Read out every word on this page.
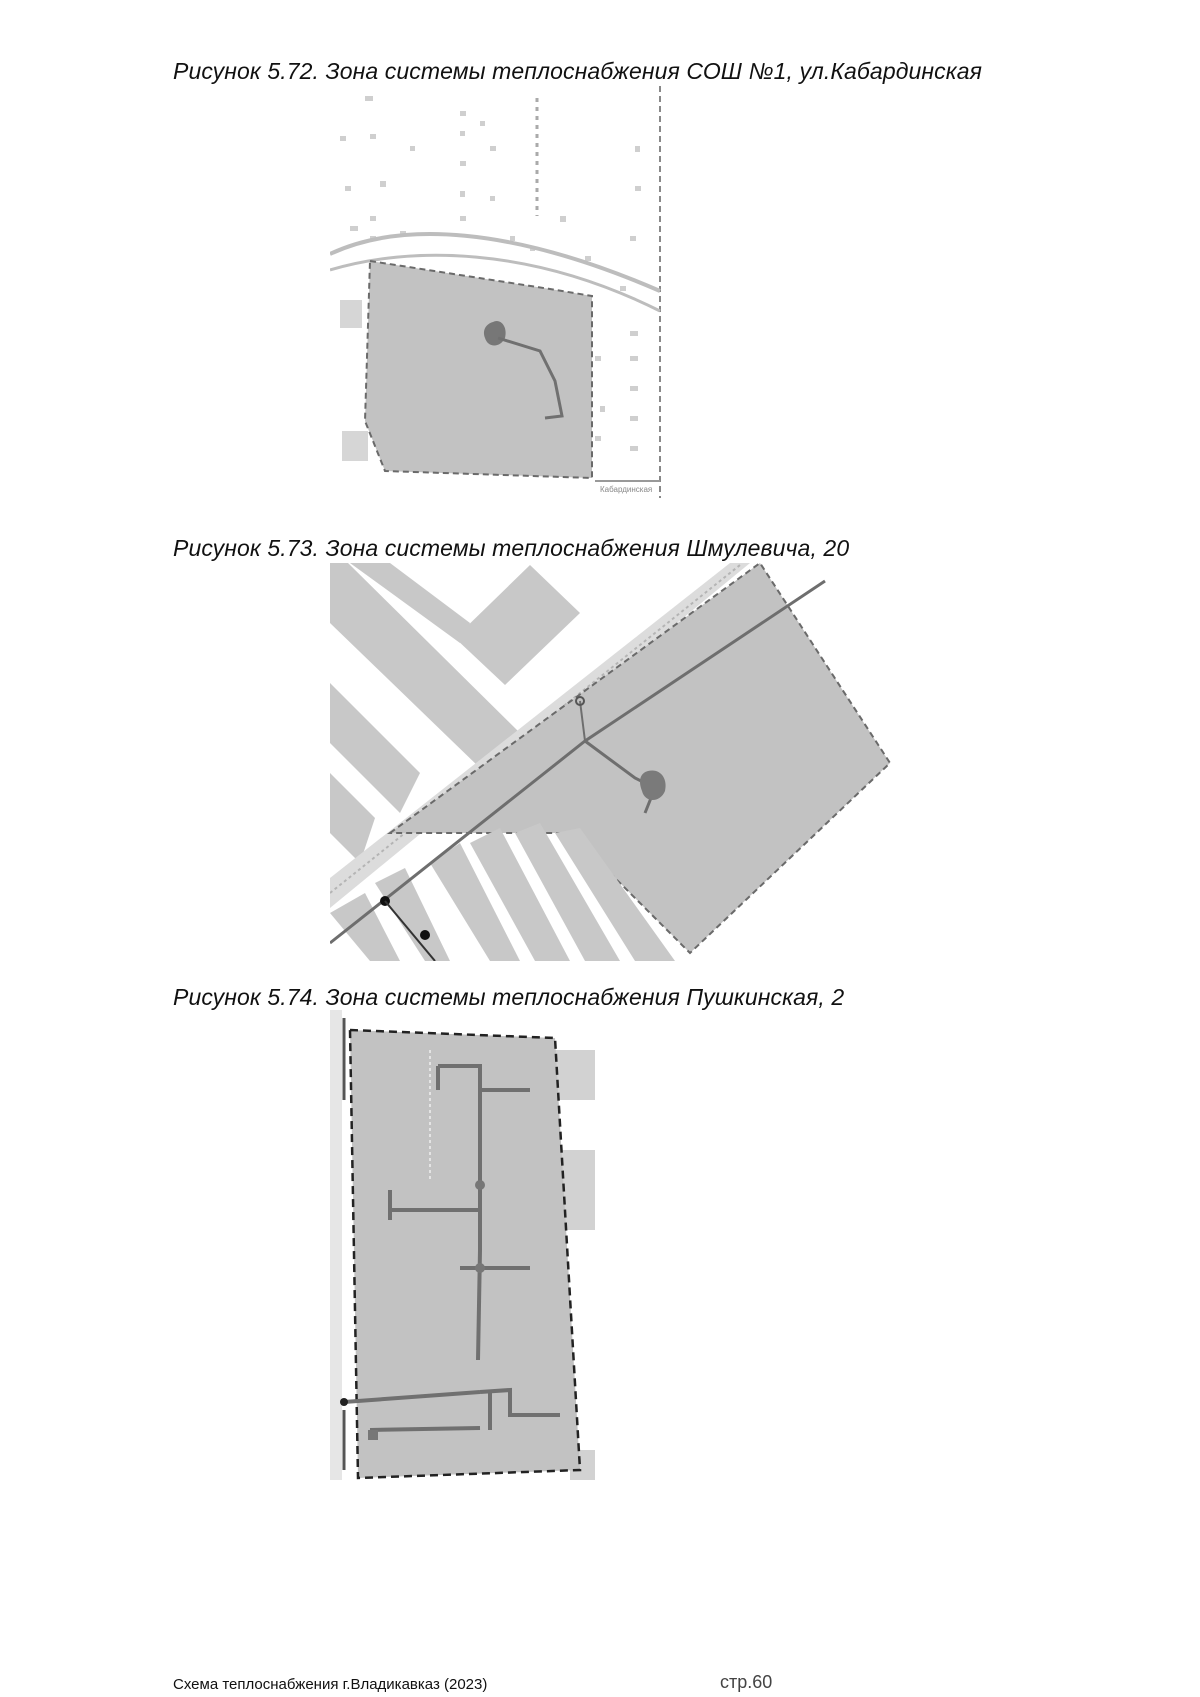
Рисунок 5.72. Зона системы теплоснабжения СОШ №1, ул.Кабардинская
Кабардинская
Рисунок 5.73. Зона системы теплоснабжения Шмулевича, 20
Рисунок 5.74. Зона системы теплоснабжения Пушкинская, 2
Схема теплоснабжения г.Владикавказ (2023)	стр.60
